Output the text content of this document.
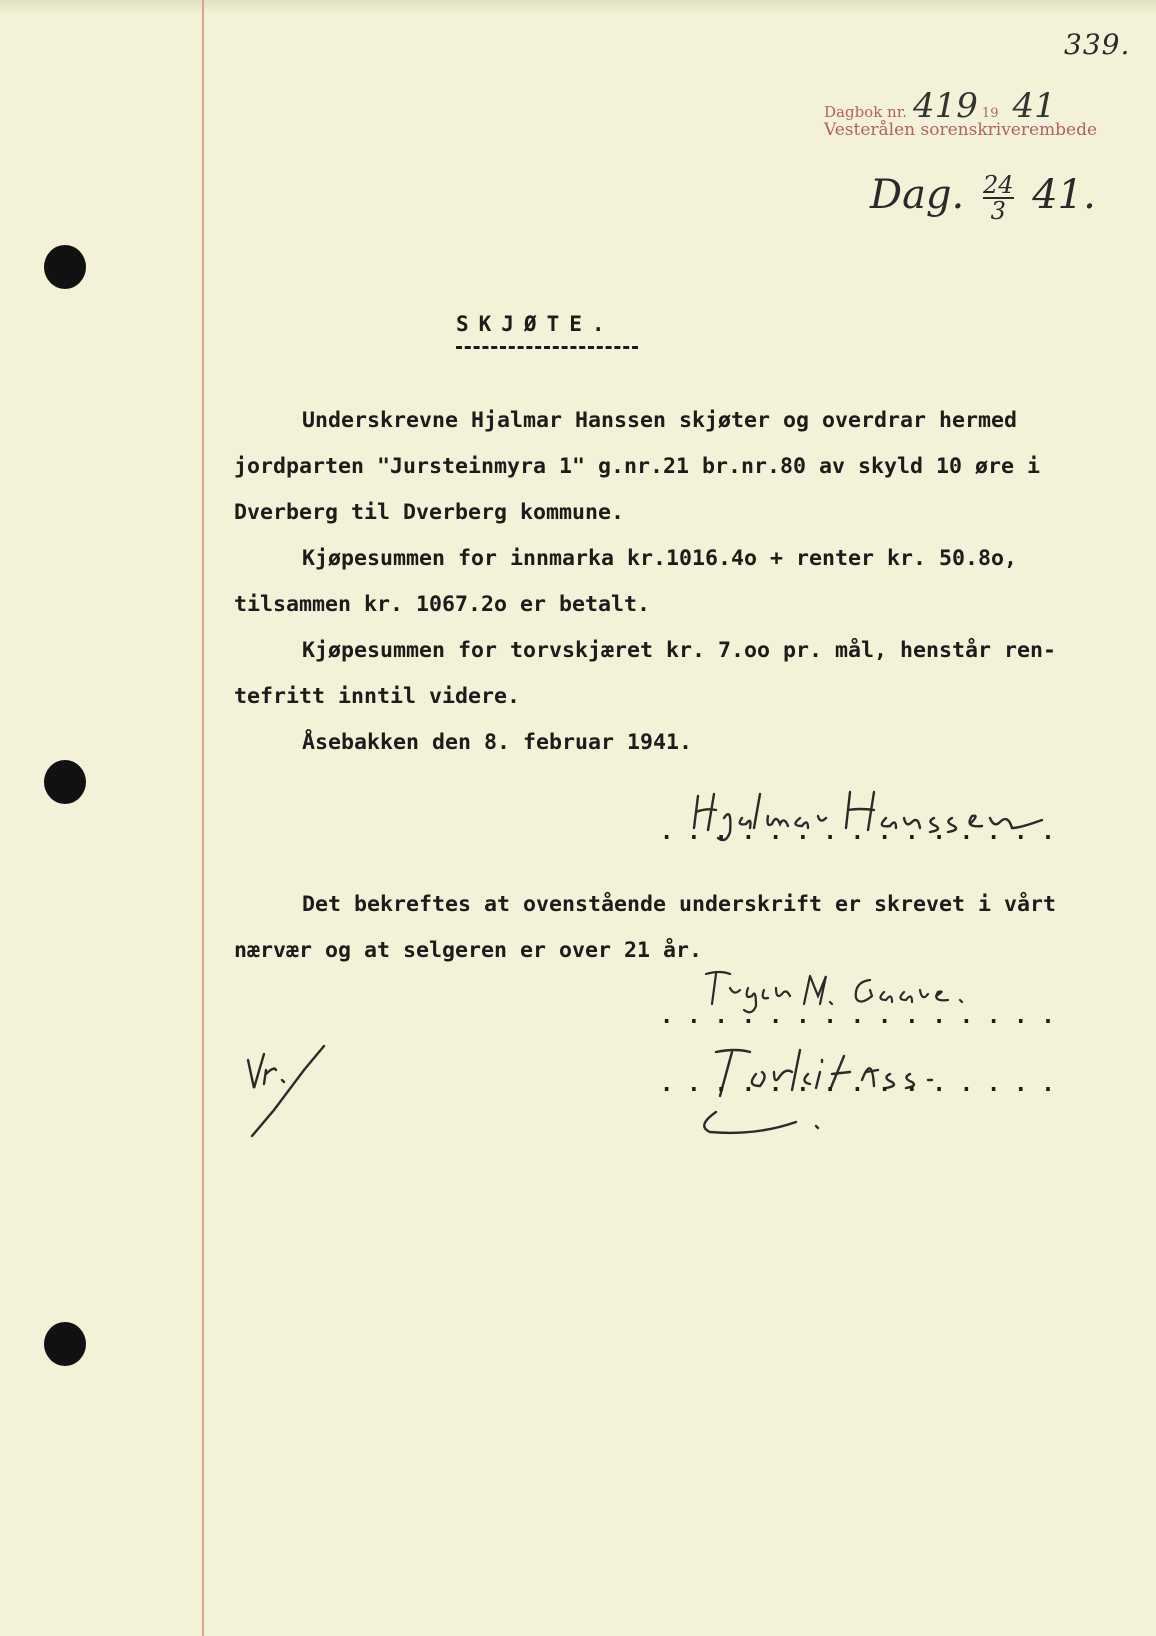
339.
Dagbok nr. 419 19 41
Vesterålen sorenskriverembede
Dag. $\frac{24}{3} 41$.
SKJØTE.
Underskrevne Hjalmar Hanssen skjøter og overdrar hermed
jordparten "Jursteinmyra 1" g.nr.21 br.nr.80 av skyld 10 øre i
Dverberg til Dverberg kommune.
Kjøpesummen for innmarka kr.1016.4o + renter kr. 50.8o,
tilsammen kr. 1067.2o er betalt.
Kjøpesummen for torvskjæret kr. 7.oo pr. mål, henstår ren-
tefritt inntil videre.
Åsebakken den 8. februar 1941.
...............
Det bekreftes at ovenstående underskrift er skrevet i vårt
nærvær og at selgeren er over 21 år.
...............
...............
